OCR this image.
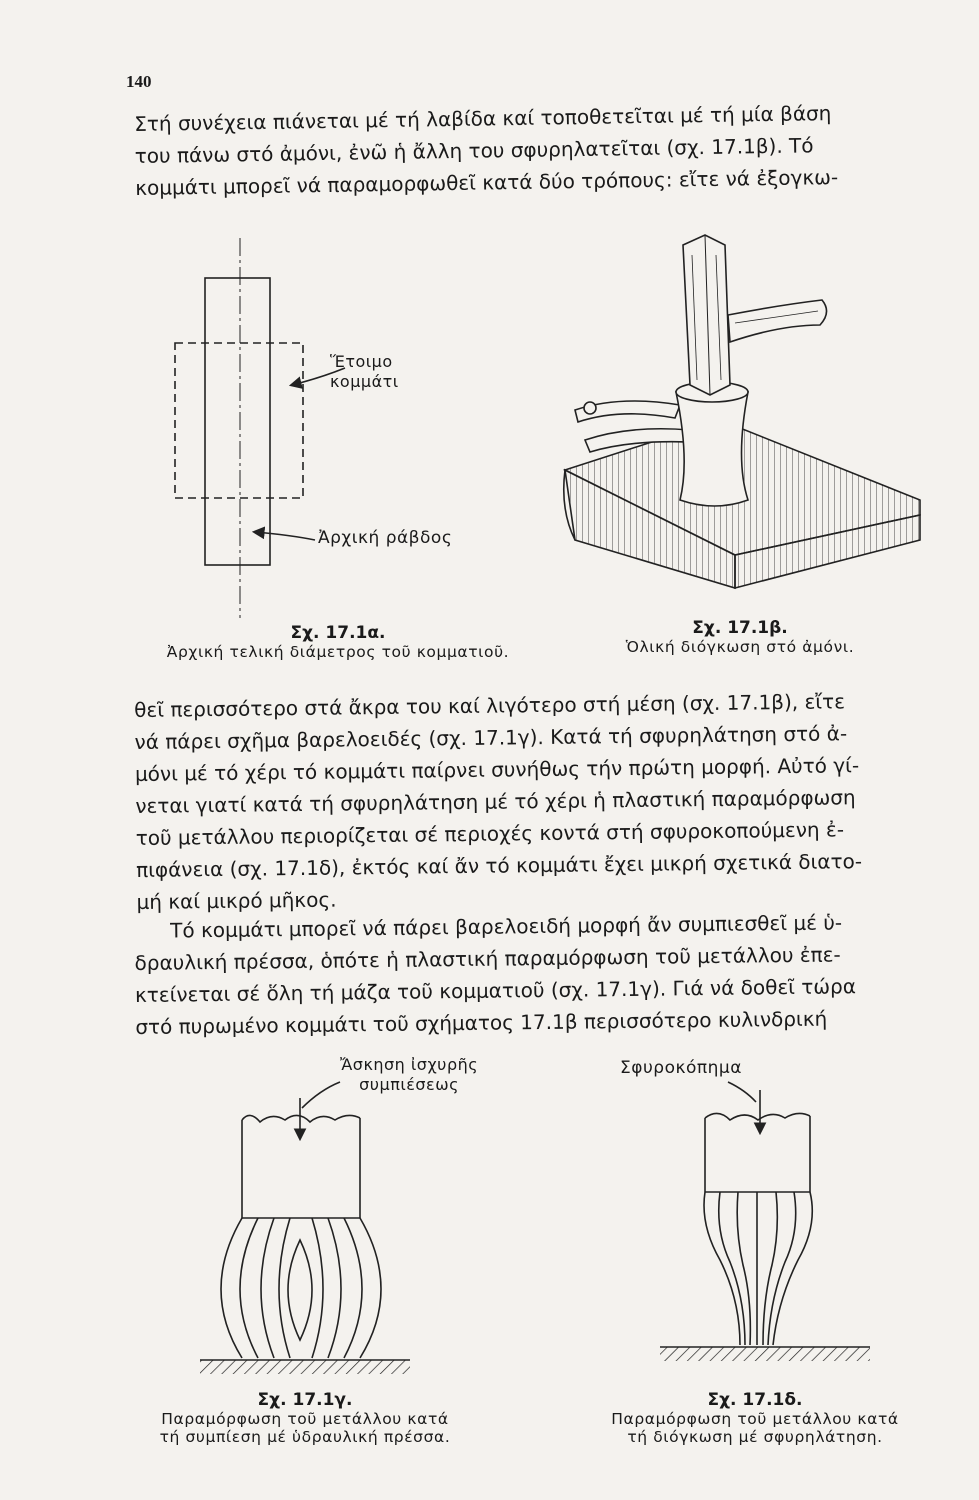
140

Στή συνέχεια πιάνεται μέ τή λαβίδα καί τοποθετεῖται μέ τή μία βάση
του πάνω στό ἀμόνι, ἐνῶ ἡ ἄλλη του σφυρηλατεῖται (σχ. 17.1β). Τό
κομμάτι μπορεῖ νά παραμορφωθεῖ κατά δύο τρόπους: εἴτε νά ἐξογκω-

Ἕτοιμο
κομμάτι
Ἀρχική ράβδος
Σχ. 17.1α.
Ἀρχική τελική διάμετρος τοῦ κομματιοῦ.
Σχ. 17.1β.
Ὁλική διόγκωση στό ἀμόνι.

θεῖ περισσότερο στά ἄκρα του καί λιγότερο στή μέση (σχ. 17.1β), εἴτε
νά πάρει σχῆμα βαρελοειδές (σχ. 17.1γ). Κατά τή σφυρηλάτηση στό ἀ-
μόνι μέ τό χέρι τό κομμάτι παίρνει συνήθως τήν πρώτη μορφή. Αὐτό γί-
νεται γιατί κατά τή σφυρηλάτηση μέ τό χέρι ἡ πλαστική παραμόρφωση
τοῦ μετάλλου περιορίζεται σέ περιοχές κοντά στή σφυροκοπούμενη ἐ-
πιφάνεια (σχ. 17.1δ), ἐκτός καί ἄν τό κομμάτι ἔχει μικρή σχετικά διατο-
μή καί μικρό μῆκος.

Τό κομμάτι μπορεῖ νά πάρει βαρελοειδή μορφή ἄν συμπιεσθεῖ μέ ὑ-
δραυλική πρέσσα, ὁπότε ἡ πλαστική παραμόρφωση τοῦ μετάλλου ἐπε-
κτείνεται σέ ὅλη τή μάζα τοῦ κομματιοῦ (σχ. 17.1γ). Γιά νά δοθεῖ τώρα
στό πυρωμένο κομμάτι τοῦ σχήματος 17.1β περισσότερο κυλινδρική

Ἄσκηση ἰσχυρῆς
συμπιέσεως
Σχ. 17.1γ.
Παραμόρφωση τοῦ μετάλλου κατά
τή συμπίεση μέ ὑδραυλική πρέσσα.
Σφυροκόπημα
Σχ. 17.1δ.
Παραμόρφωση τοῦ μετάλλου κατά
τή διόγκωση μέ σφυρηλάτηση.
